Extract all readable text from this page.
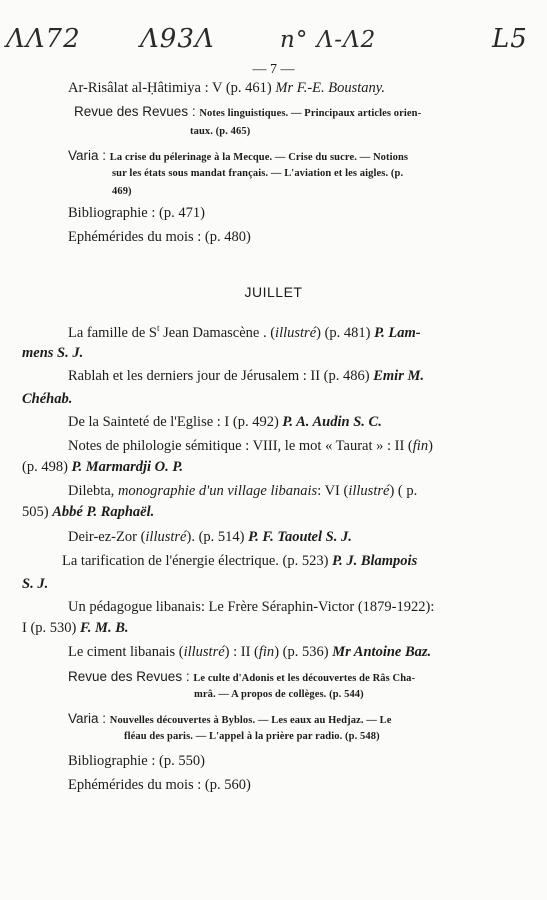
ΛΛ72 Λ93Λ	n° Λ-Λ2	L5
— 7 —
Ar-Risâlat al-Ḥâtimiya : V (p. 461) Mr F.-E. Boustany.
Revue des Revues : Notes linguistiques. — Principaux articles orien-
taux. (p. 465)
Varia : La crise du pélerinage à la Mecque. — Crise du sucre. — Notions
sur les états sous mandat français. — L'aviation et les aigles. (p.
469)
Bibliographie : (p. 471)
Ephémérides du mois : (p. 480)
JUILLET
La famille de $S^t$ Jean Damascène . (illustré) (p. 481) P. Lam-
mens S. J.
Rablah et les derniers jour de Jérusalem : II (p. 486) Emir M.
Chéhab.
De la Sainteté de l'Eglise : I (p. 492) P. A. Audin S. C.
Notes de philologie sémitique : VIII, le mot « Taurat » : II (fin)
(p. 498) P. Marmardji O. P.
Dilebta, monographie d'un village libanais: VI (illustré) ( p.
505) Abbé P. Raphaël.
Deir-ez-Zor (illustré). (p. 514) P. F. Taoutel S. J.
La tarification de l'énergie électrique. (p. 523) P. J. Blampois
S. J.
Un pédagogue libanais: Le Frère Séraphin-Victor (1879-1922):
I (p. 530) F. M. B.
Le ciment libanais (illustré) : II (fin) (p. 536) Mr Antoine Baz.
Revue des Revues : Le culte d'Adonis et les découvertes de Râs Cha-
mrâ. — A propos de collèges. (p. 544)
Varia : Nouvelles découvertes à Byblos. — Les eaux au Hedjaz. — Le
fléau des paris. — L'appel à la prière par radio. (p. 548)
Bibliographie : (p. 550)
Ephémérides du mois : (p. 560)
